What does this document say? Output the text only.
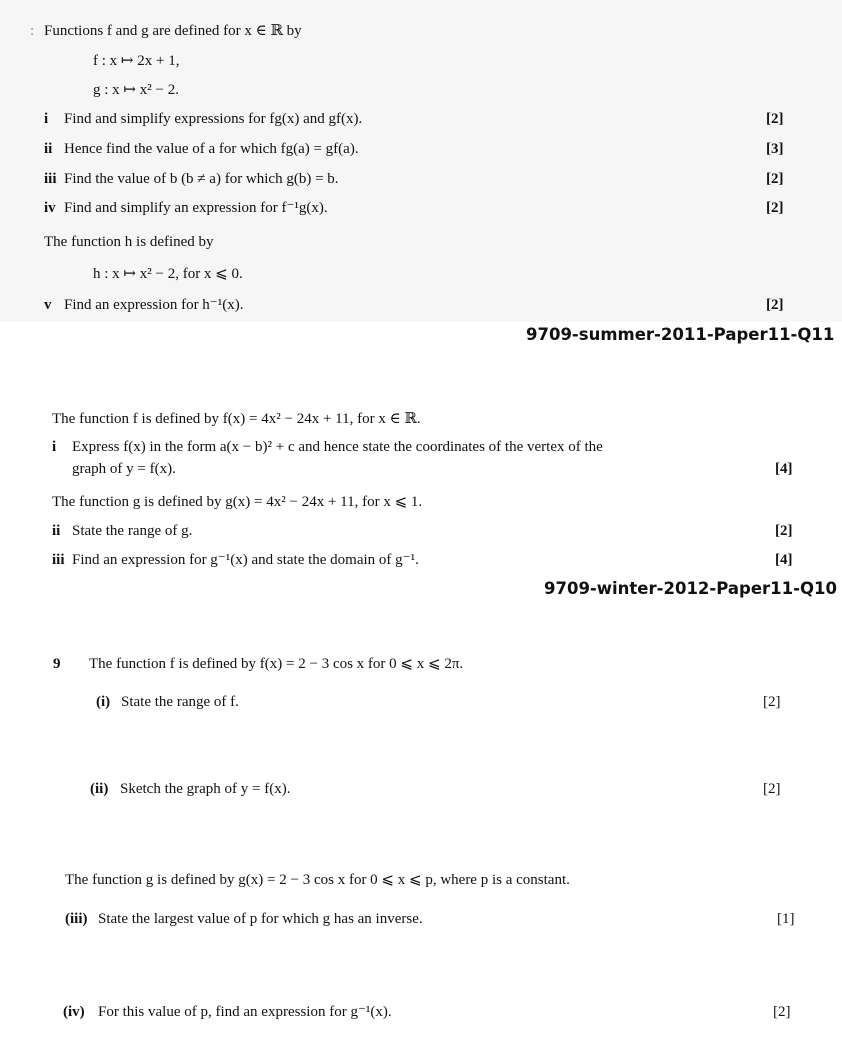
: Functions f and g are defined for x ∈ ℝ by
f : x ↦ 2x + 1,
g : x ↦ x² − 2.
i Find and simplify expressions for fg(x) and gf(x).	[2]
ii Hence find the value of a for which fg(a) = gf(a).	[3]
iii Find the value of b (b ≠ a) for which g(b) = b.	[2]
iv Find and simplify an expression for f⁻¹g(x).	[2]
The function h is defined by
h : x ↦ x² − 2, for x ⩽ 0.
v Find an expression for h⁻¹(x).	[2]
9709-summer-2011-Paper11-Q11
The function f is defined by f(x) = 4x² − 24x + 11, for x ∈ ℝ.
i Express f(x) in the form a(x − b)² + c and hence state the coordinates of the vertex of the
graph of y = f(x).	[4]
The function g is defined by g(x) = 4x² − 24x + 11, for x ⩽ 1.
ii State the range of g.	[2]
iii Find an expression for g⁻¹(x) and state the domain of g⁻¹.	[4]
9709-winter-2012-Paper11-Q10
9 The function f is defined by f(x) = 2 − 3 cos x for 0 ⩽ x ⩽ 2π.
(i) State the range of f.	[2]
(ii) Sketch the graph of y = f(x).	[2]
The function g is defined by g(x) = 2 − 3 cos x for 0 ⩽ x ⩽ p, where p is a constant.
(iii) State the largest value of p for which g has an inverse.	[1]
(iv) For this value of p, find an expression for g⁻¹(x).	[2]
